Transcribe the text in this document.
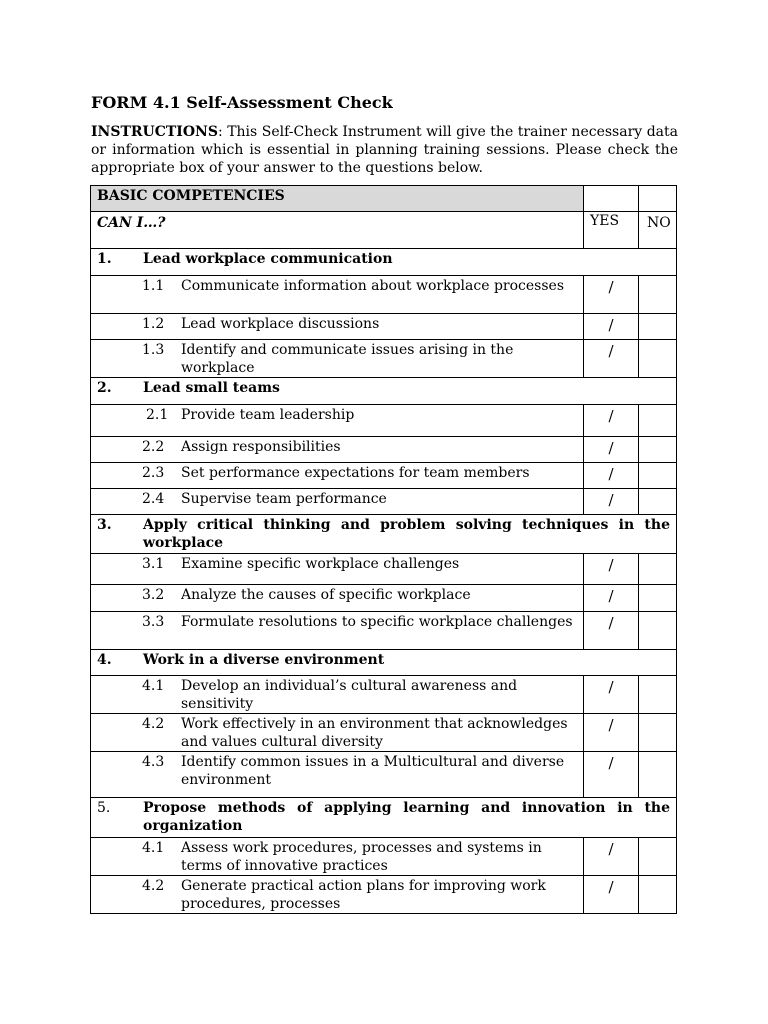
FORM 4.1 Self-Assessment Check

INSTRUCTIONS: This Self-Check Instrument will give the trainer necessary data or information which is essential in planning training sessions. Please check the appropriate box of your answer to the questions below.

BASIC COMPETENCIES		
CAN I…?	YES	NO

1. Lead workplace communication		

1.1 Communicate information about workplace processes	/	

1.2 Lead workplace discussions	/	

1.3 Identify and communicate issues arising in the workplace	/	

2. Lead small teams		

2.1 Provide team leadership	/	

2.2 Assign responsibilities	/	

2.3 Set performance expectations for team members	/	

2.4 Supervise team performance	/	

3. Apply critical thinking and problem solving techniques in the workplace		

3.1 Examine specific workplace challenges	/	

3.2 Analyze the causes of specific workplace	/	

3.3 Formulate resolutions to specific workplace challenges	/	

4. Work in a diverse environment		

4.1 Develop an individual’s cultural awareness and sensitivity	/	

4.2 Work effectively in an environment that acknowledges and values cultural diversity	/	

4.3 Identify common issues in a Multicultural and diverse environment	/	

5. Propose methods of applying learning and innovation in the organization		

4.1 Assess work procedures, processes and systems in terms of innovative practices	/	

4.2 Generate practical action plans for improving work procedures, processes	/	
